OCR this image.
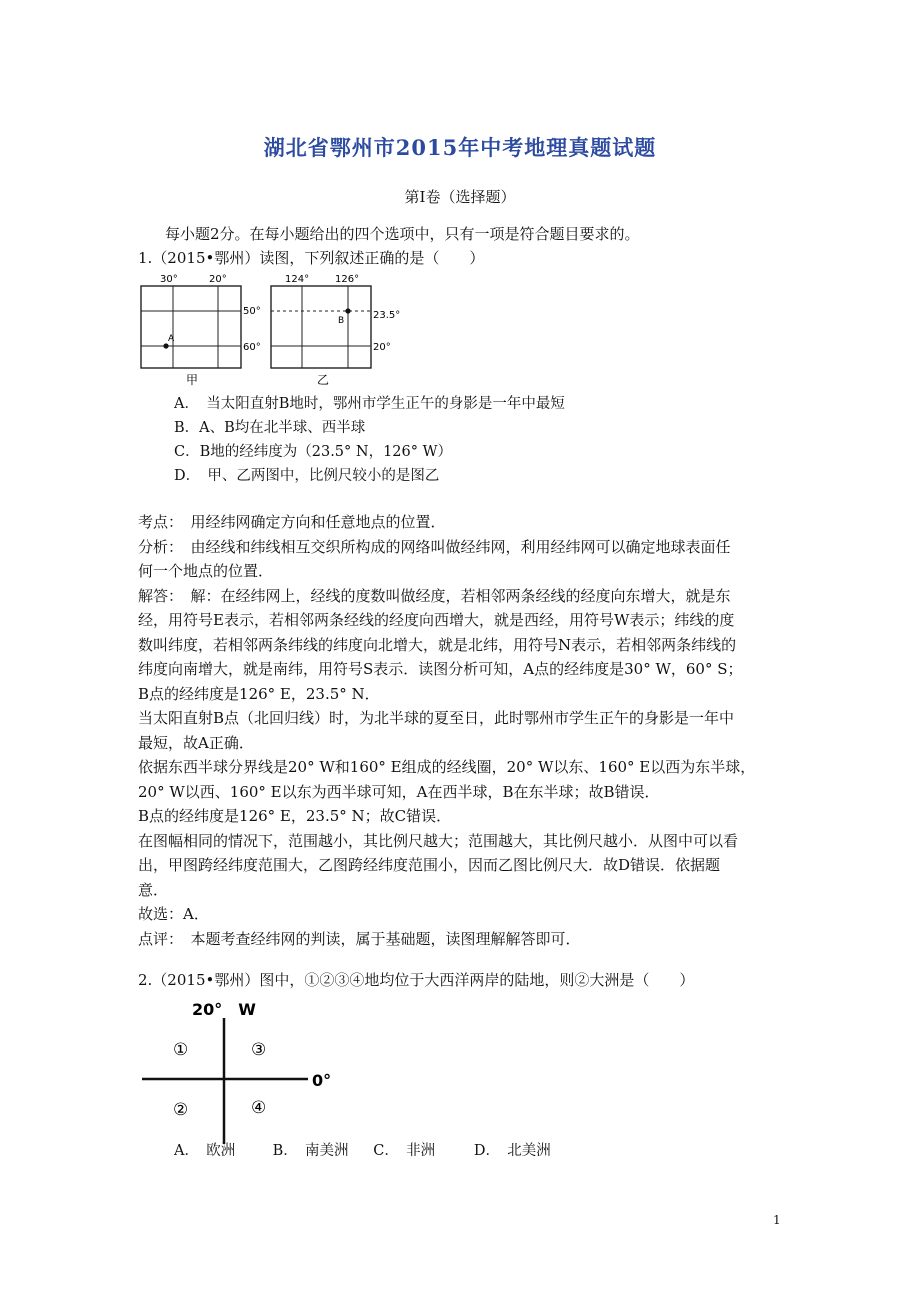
湖北省鄂州市2015年中考地理真题试题
第Ⅰ卷（选择题）
每小题2分。在每小题给出的四个选项中，只有一项是符合题目要求的。
1.（2015•鄂州）读图，下列叙述正确的是（　　）
30°	20°
50°
60°
A
甲
124°	126°
23.5°
20°
B
乙
A．　当太阳直射B地时，鄂州市学生正午的身影是一年中最短
B．A、B均在北半球、西半球
C．B地的经纬度为（23.5° N，126° W）
D．　甲、乙两图中，比例尺较小的是图乙
考点：　用经纬网确定方向和任意地点的位置．
分析：　由经线和纬线相互交织所构成的网络叫做经纬网，利用经纬网可以确定地球表面任
何一个地点的位置．
解答：　解：在经纬网上，经线的度数叫做经度，若相邻两条经线的经度向东增大，就是东
经，用符号E表示，若相邻两条经线的经度向西增大，就是西经，用符号W表示；纬线的度
数叫纬度，若相邻两条纬线的纬度向北增大，就是北纬，用符号N表示，若相邻两条纬线的
纬度向南增大，就是南纬，用符号S表示．读图分析可知，A点的经纬度是30° W，60° S；
B点的经纬度是126° E，23.5° N．
当太阳直射B点（北回归线）时，为北半球的夏至日，此时鄂州市学生正午的身影是一年中
最短，故A正确．
依据东西半球分界线是20° W和160° E组成的经线圈，20° W以东、160° E以西为东半球，
20° W以西、160° E以东为西半球可知，A在西半球，B在东半球；故B错误．
B点的经纬度是126° E，23.5° N；故C错误．
在图幅相同的情况下，范围越小，其比例尺越大；范围越大，其比例尺越小．从图中可以看
出，甲图跨经纬度范围大，乙图跨经纬度范围小，因而乙图比例尺大．故D错误．依据题
意．
故选：A．
点评：　本题考查经纬网的判读，属于基础题，读图理解解答即可．
2.（2015•鄂州）图中，①②③④地均位于大西洋两岸的陆地，则②大洲是（　　）
20°　W
0°
①	③
②	④
A．　欧洲	B．　南美洲 C．　非洲	D．　北美洲
1
